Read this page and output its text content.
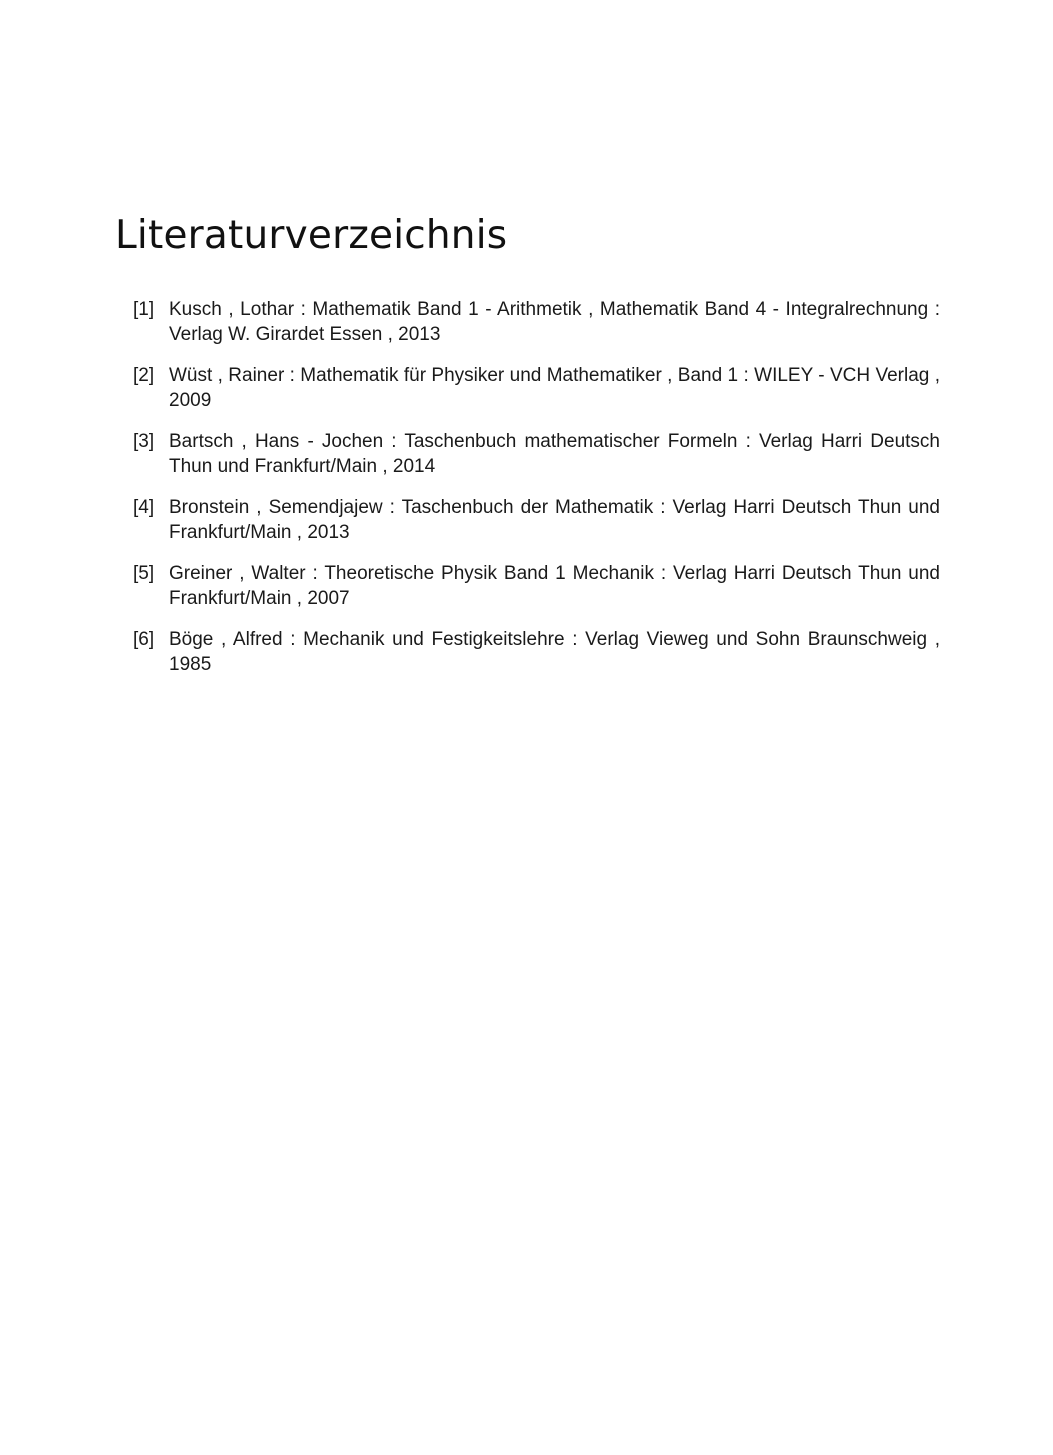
Literaturverzeichnis
[1] Kusch , Lothar : Mathematik Band 1 - Arithmetik , Mathematik Band 4 - Integralrechnung : Verlag W. Girardet Essen , 2013
[2] Wüst , Rainer : Mathematik für Physiker und Mathematiker , Band 1 : WILEY - VCH Verlag , 2009
[3] Bartsch , Hans - Jochen : Taschenbuch mathematischer Formeln : Verlag Harri Deutsch Thun und Frankfurt/Main , 2014
[4] Bronstein , Semendjajew : Taschenbuch der Mathematik : Verlag Harri Deutsch Thun und Frankfurt/Main , 2013
[5] Greiner , Walter : Theoretische Physik Band 1 Mechanik : Verlag Harri Deutsch Thun und Frankfurt/Main , 2007
[6] Böge , Alfred : Mechanik und Festigkeitslehre : Verlag Vieweg und Sohn Braunschweig , 1985
